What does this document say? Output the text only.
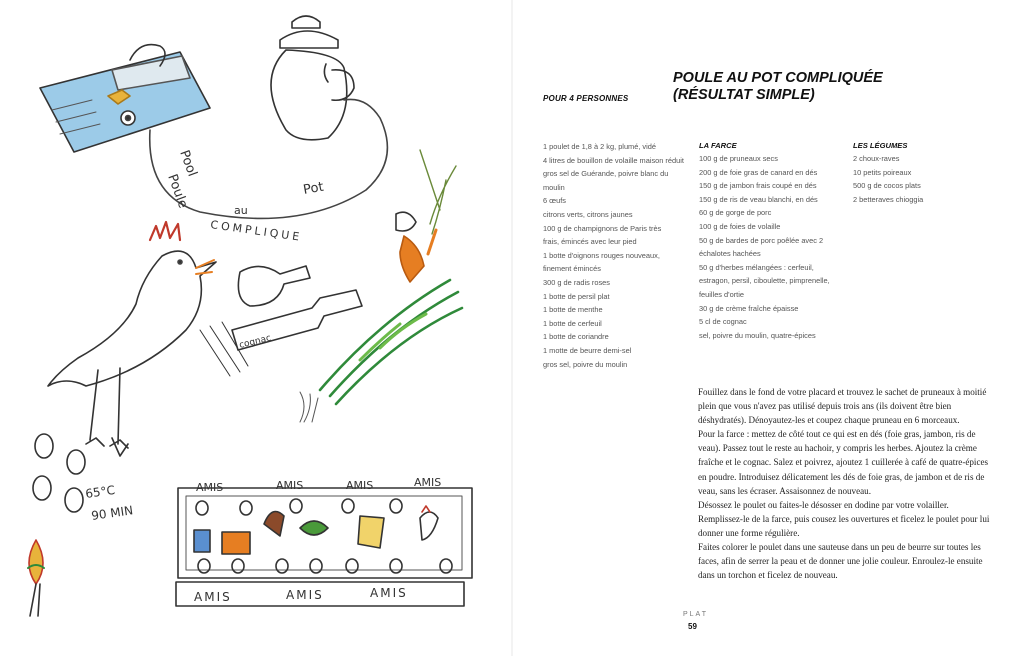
Pool
Poule	Pot
au
COMPLIQUE
cognac
65°C
90 MIN
AMIS	AMIS	AMIS	AMIS
AMIS	AMIS	AMIS
POUR 4 PERSONNES
POULE AU POT COMPLIQUÉE
(RÉSULTAT SIMPLE)
1 poulet de 1,8 à 2 kg, plumé, vidé
4 litres de bouillon de volaille maison réduit
gros sel de Guérande, poivre blanc du
moulin
6 œufs
citrons verts, citrons jaunes
100 g de champignons de Paris très
frais, émincés avec leur pied
1 botte d'oignons rouges nouveaux,
finement émincés
300 g de radis roses
1 botte de persil plat
1 botte de menthe
1 botte de cerfeuil
1 botte de coriandre
1 motte de beurre demi-sel
gros sel, poivre du moulin
LA FARCE
100 g de pruneaux secs
200 g de foie gras de canard en dés
150 g de jambon frais coupé en dés
150 g de ris de veau blanchi, en dés
60 g de gorge de porc
100 g de foies de volaille
50 g de bardes de porc poêlée avec 2
échalotes hachées
50 g d'herbes mélangées : cerfeuil,
estragon, persil, ciboulette, pimprenelle,
feuilles d'ortie
30 g de crème fraîche épaisse
5 cl de cognac
sel, poivre du moulin, quatre-épices
LES LÉGUMES
2 choux-raves
10 petits poireaux
500 g de cocos plats
2 betteraves chioggia

Fouillez dans le fond de votre placard et trouvez le sachet de pruneaux à moitié plein que vous n'avez pas utilisé depuis trois ans (ils doivent être bien déshydratés). Dénoyautez-les et coupez chaque pruneau en 6 morceaux.

Pour la farce : mettez de côté tout ce qui est en dés (foie gras, jambon, ris de veau). Passez tout le reste au hachoir, y compris les herbes. Ajoutez la crème fraîche et le cognac. Salez et poivrez, ajoutez 1 cuillerée à café de quatre-épices en poudre. Introduisez délicatement les dés de foie gras, de jambon et de ris de veau, sans les écraser. Assaisonnez de nouveau.

Désossez le poulet ou faites-le désosser en dodine par votre volailler. Remplissez-le de la farce, puis cousez les ouvertures et ficelez le poulet pour lui donner une forme régulière.

Faites colorer le poulet dans une sauteuse dans un peu de beurre sur toutes les faces, afin de serrer la peau et de donner une jolie couleur. Enroulez-le ensuite dans un torchon et ficelez de nouveau.

PLAT
59
